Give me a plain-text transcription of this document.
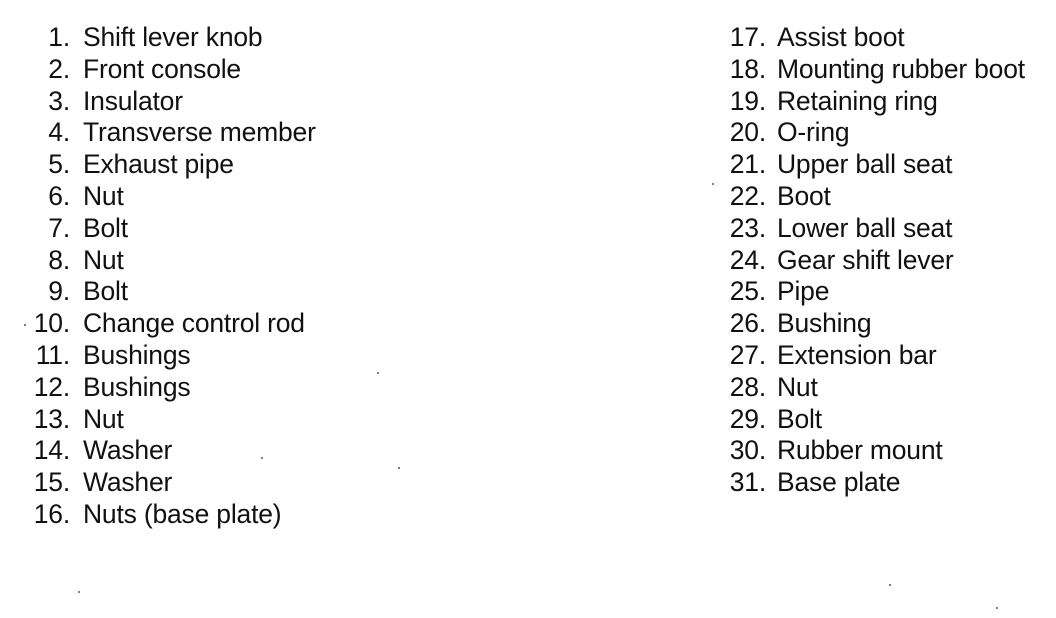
1. Shift lever knob
2. Front console
3. Insulator
4. Transverse member
5. Exhaust pipe
6. Nut
7. Bolt
8. Nut
9. Bolt
10. Change control rod
11. Bushings
12. Bushings
13. Nut
14. Washer
15. Washer
16. Nuts (base plate)
17. Assist boot
18. Mounting rubber boot
19. Retaining ring
20. O-ring
21. Upper ball seat
22. Boot
23. Lower ball seat
24. Gear shift lever
25. Pipe
26. Bushing
27. Extension bar
28. Nut
29. Bolt
30. Rubber mount
31. Base plate
